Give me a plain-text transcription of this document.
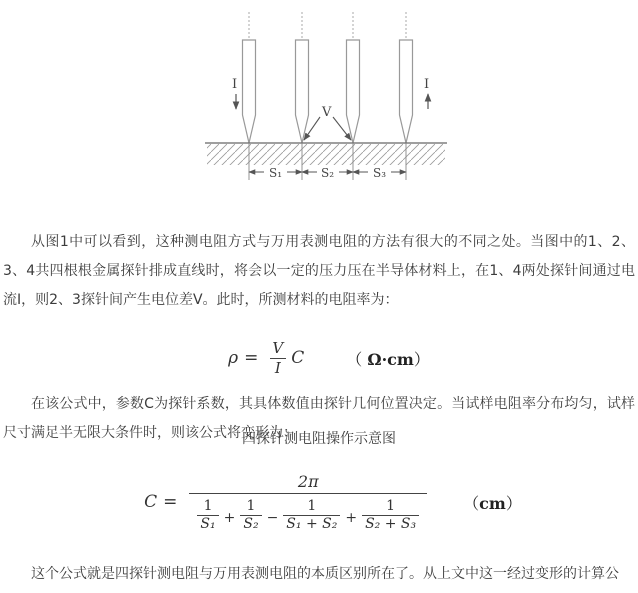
I	I
V
S₁	S₂	S₃
四探针测电阻操作示意图
从图1中可以看到，这种测电阻方式与万用表测电阻的方法有很大的不同之处。当图中的1、2、3、4共四根根金属探针排成直线时，将会以一定的压力压在半导体材料上，在1、4两处探针间通过电流I，则2、3探针间产生电位差V。此时，所测材料的电阻率为：
$\rho = \frac{V}{I}$ C	（ Ω·cm）
在该公式中，参数C为探针系数，其具体数值由探针几何位置决定。当试样电阻率分布均匀，试样尺寸满足半无限大条件时，则该公式将变形为：
C =
2π
$\frac{1}{\text{S₁}} + \frac{1}{\text{S₂}} - \frac{1}{\text{S₁ + S₂}} + \frac{1}{\text{S₂ + S₃}}$	（cm）
这个公式就是四探针测电阻与万用表测电阻的本质区别所在了。从上文中这一经过变形的计算公
